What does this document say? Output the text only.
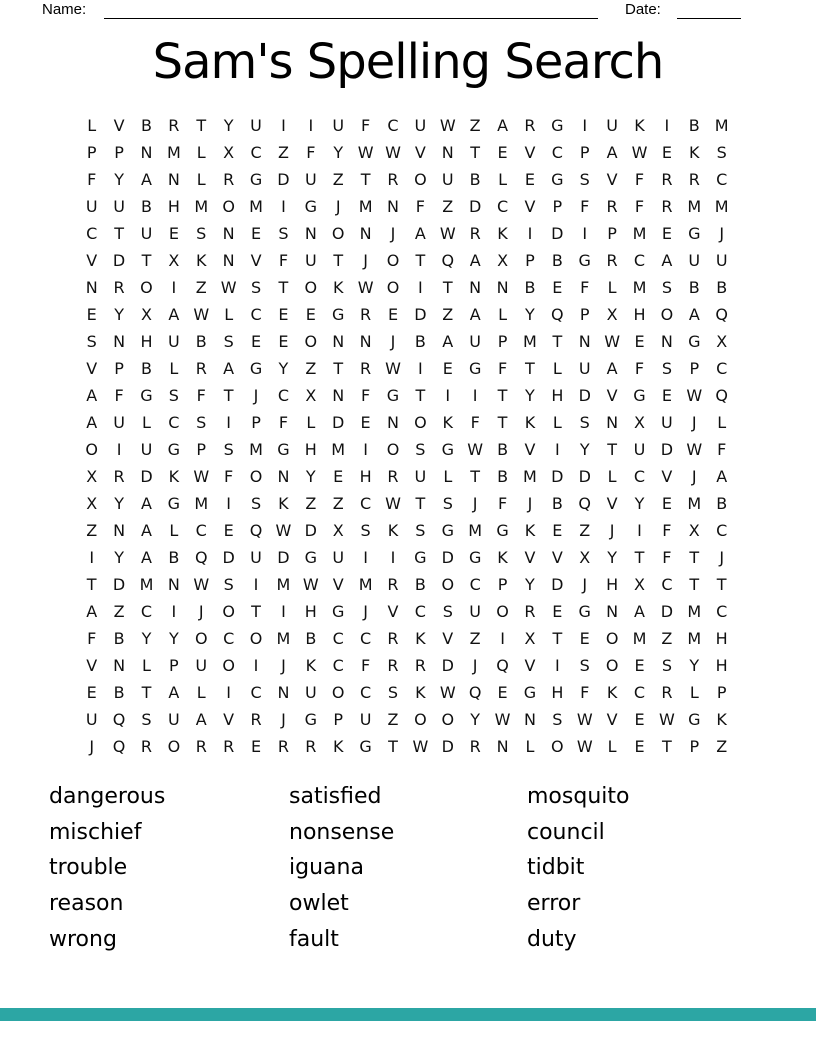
Name:	Date:
Sam's Spelling Search
L	V	B	R	T	Y	U	I	I	U	F	C U W Z	A	R G	I	U	K	I	B M
P	P	N M	L	X	C	Z	F	Y W W V N	T	E	V	C	P	A W E	K	S
F	Y	A N	L	R G D U	Z	T	R O U	B	L	E	G	S	V	F	R	R	C
U U	B H M O M	I	G	J	M N	F	Z D C	V	P	F	R	F	R M M
C	T	U	E	S	N	E	S	N O N	J	A W R	K	I	D	I	P M E	G	J
V D	T	X	K	N V	F	U	T	J	O	T	Q A	X	P	B G R	C	A	U U
N R O	I	Z W S	T	O K W O	I	T	N N B	E	F	L	M S	B	B
E	Y	X	A W L	C	E	E	G R	E	D Z	A	L	Y	Q	P	X H O A Q
S	N H U	B	S	E	E	O N N	J	B	A	U	P M T	N W E	N G X
V	P	B	L	R	A G	Y	Z	T	R W	I	E	G	F	T	L	U	A	F	S	P	C
A	F	G	S	F	T	J	C	X N	F	G	T	I	I	T	Y	H D V G	E W Q
A	U	L	C	S	I	P	F	L	D	E	N O K	F	T	K	L	S	N X	U	J	L
O	I	U G	P	S M G H M	I	O	S	G W B	V	I	Y	T	U D W F
X	R D K W F	O N	Y	E	H R U	L	T	B M D D	L	C	V	J	A
X	Y	A G M	I	S	K	Z	Z	C W T	S	J	F	J	B Q V	Y	E M B
Z N A	L	C	E	Q W D X	S	K	S	G M G K	E	Z	J	I	F	X	C
I	Y	A	B Q D U D G U	I	I	G D G K	V	V	X	Y	T	F	T	J
T	D M N W S	I	M W V M R	B O C	P	Y	D	J	H X	C	T	T
A	Z	C	I	J	O	T	I	H G	J	V	C	S	U O R	E	G N A D M C
F	B	Y	Y	O C O M B	C	C	R	K	V	Z	I	X	T	E	O M Z M H
V N	L	P	U O	I	J	K	C	F	R	R D	J	Q V	I	S	O	E	S	Y	H
E	B	T	A	L	I	C N U O C	S	K W Q	E	G H	F	K	C	R	L	P
U Q	S	U	A	V	R	J	G	P	U	Z O O	Y W N	S W V	E W G K
J	Q R O R	R	E	R	R	K G	T W D R N	L	O W L	E	T	P	Z
dangerous
mischief
trouble
reason
wrong
satisfied
nonsense
iguana
owlet
fault
mosquito
council
tidbit
error
duty
